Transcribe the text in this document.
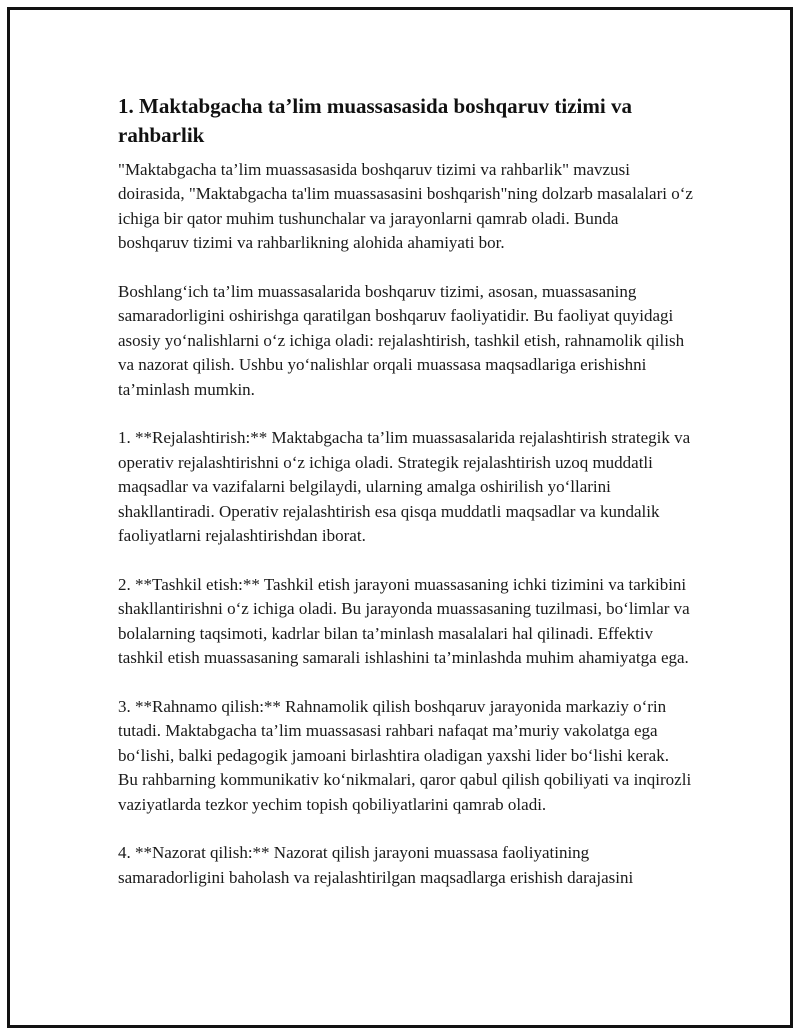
1. Maktabgacha ta’lim muassasasida boshqaruv tizimi va rahbarlik

"Maktabgacha ta’lim muassasasida boshqaruv tizimi va rahbarlik" mavzusi doirasida, "Maktabgacha ta'lim muassasasini boshqarish"ning dolzarb masalalari o‘z ichiga bir qator muhim tushunchalar va jarayonlarni qamrab oladi. Bunda boshqaruv tizimi va rahbarlikning alohida ahamiyati bor.

Boshlang‘ich ta’lim muassasalarida boshqaruv tizimi, asosan, muassasaning samaradorligini oshirishga qaratilgan boshqaruv faoliyatidir. Bu faoliyat quyidagi asosiy yo‘nalishlarni o‘z ichiga oladi: rejalashtirish, tashkil etish, rahnamolik qilish va nazorat qilish. Ushbu yo‘nalishlar orqali muassasa maqsadlariga erishishni ta’minlash mumkin.

1. **Rejalashtirish:** Maktabgacha ta’lim muassasalarida rejalashtirish strategik va operativ rejalashtirishni o‘z ichiga oladi. Strategik rejalashtirish uzoq muddatli maqsadlar va vazifalarni belgilaydi, ularning amalga oshirilish yo‘llarini shakllantiradi. Operativ rejalashtirish esa qisqa muddatli maqsadlar va kundalik faoliyatlarni rejalashtirishdan iborat.

2. **Tashkil etish:** Tashkil etish jarayoni muassasaning ichki tizimini va tarkibini shakllantirishni o‘z ichiga oladi. Bu jarayonda muassasaning tuzilmasi, bo‘limlar va bolalarning taqsimoti, kadrlar bilan ta’minlash masalalari hal qilinadi. Effektiv tashkil etish muassasaning samarali ishlashini ta’minlashda muhim ahamiyatga ega.

3. **Rahnamo qilish:** Rahnamolik qilish boshqaruv jarayonida markaziy o‘rin tutadi. Maktabgacha ta’lim muassasasi rahbari nafaqat ma’muriy vakolatga ega bo‘lishi, balki pedagogik jamoani birlashtira oladigan yaxshi lider bo‘lishi kerak. Bu rahbarning kommunikativ ko‘nikmalari, qaror qabul qilish qobiliyati va inqirozli vaziyatlarda tezkor yechim topish qobiliyatlarini qamrab oladi.

4. **Nazorat qilish:** Nazorat qilish jarayoni muassasa faoliyatining samaradorligini baholash va rejalashtirilgan maqsadlarga erishish darajasini
